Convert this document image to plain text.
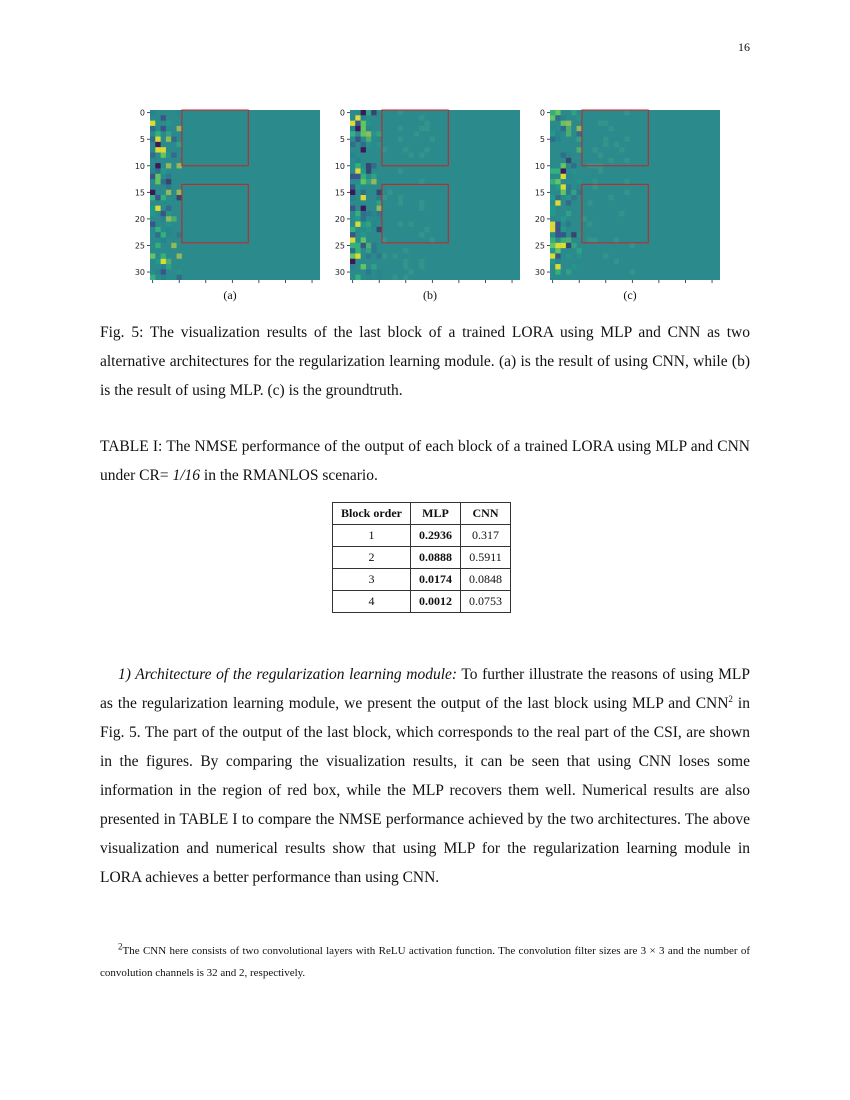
16
0
5
10
15
20
25
30
(a)
0
5
10
15
20
25
30
(b)
0
5
10
15
20
25
30
(c)
Fig. 5: The visualization results of the last block of a trained LORA using MLP and CNN as two alternative architectures for the regularization learning module. (a) is the result of using CNN, while (b) is the result of using MLP. (c) is the groundtruth.
TABLE I: The NMSE performance of the output of each block of a trained LORA using MLP and CNN under CR= 1/16 in the RMANLOS scenario.
Block order	MLP	CNN
1	0.2936	0.317
2	0.0888	0.5911
3	0.0174	0.0848
4	0.0012	0.0753
1) Architecture of the regularization learning module: To further illustrate the reasons of using MLP as the regularization learning module, we present the output of the last block using MLP and CNN$^2$ in Fig. 5. The part of the output of the last block, which corresponds to the real part of the CSI, are shown in the figures. By comparing the visualization results, it can be seen that using CNN loses some information in the region of red box, while the MLP recovers them well. Numerical results are also presented in TABLE I to compare the NMSE performance achieved by the two architectures. The above visualization and numerical results show that using MLP for the regularization learning module in LORA achieves a better performance than using CNN.
$^2$The CNN here consists of two convolutional layers with ReLU activation function. The convolution filter sizes are 3 × 3 and the number of convolution channels is 32 and 2, respectively.
